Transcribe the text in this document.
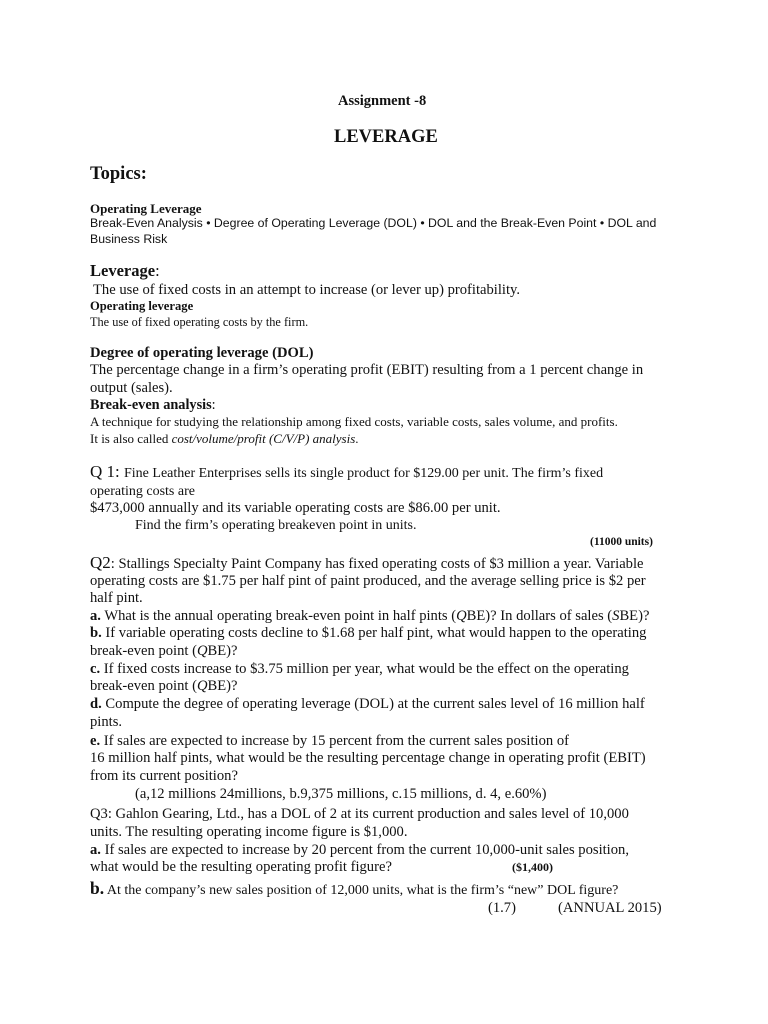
Assignment -8
LEVERAGE
Topics:
Operating Leverage
Break-Even Analysis • Degree of Operating Leverage (DOL) • DOL and the Break-Even Point • DOL and
Business Risk
Leverage:
The use of fixed costs in an attempt to increase (or lever up) profitability.
Operating leverage
The use of fixed operating costs by the firm.
Degree of operating leverage (DOL)
The percentage change in a firm’s operating profit (EBIT) resulting from a 1 percent change in
output (sales).
Break-even analysis:
A technique for studying the relationship among fixed costs, variable costs, sales volume, and profits.
It is also called cost/volume/profit (C/V/P) analysis.
Q 1: Fine Leather Enterprises sells its single product for $129.00 per unit. The firm’s fixed
operating costs are
$473,000 annually and its variable operating costs are $86.00 per unit.
Find the firm’s operating breakeven point in units.
(11000 units)
Q2: Stallings Specialty Paint Company has fixed operating costs of $3 million a year. Variable
operating costs are $1.75 per half pint of paint produced, and the average selling price is $2 per
half pint.
a. What is the annual operating break-even point in half pints (QBE)? In dollars of sales (SBE)?
b. If variable operating costs decline to $1.68 per half pint, what would happen to the operating
break-even point (QBE)?
c. If fixed costs increase to $3.75 million per year, what would be the effect on the operating
break-even point (QBE)?
d. Compute the degree of operating leverage (DOL) at the current sales level of 16 million half
pints.
e. If sales are expected to increase by 15 percent from the current sales position of
16 million half pints, what would be the resulting percentage change in operating profit (EBIT)
from its current position?
(a,12 millions 24millions, b.9,375 millions, c.15 millions, d. 4, e.60%)
Q3: Gahlon Gearing, Ltd., has a DOL of 2 at its current production and sales level of 10,000
units. The resulting operating income figure is $1,000.
a. If sales are expected to increase by 20 percent from the current 10,000-unit sales position,
what would be the resulting operating profit figure?	($1,400)
b. At the company’s new sales position of 12,000 units, what is the firm’s “new” DOL figure?
(1.7)	(ANNUAL 2015)
